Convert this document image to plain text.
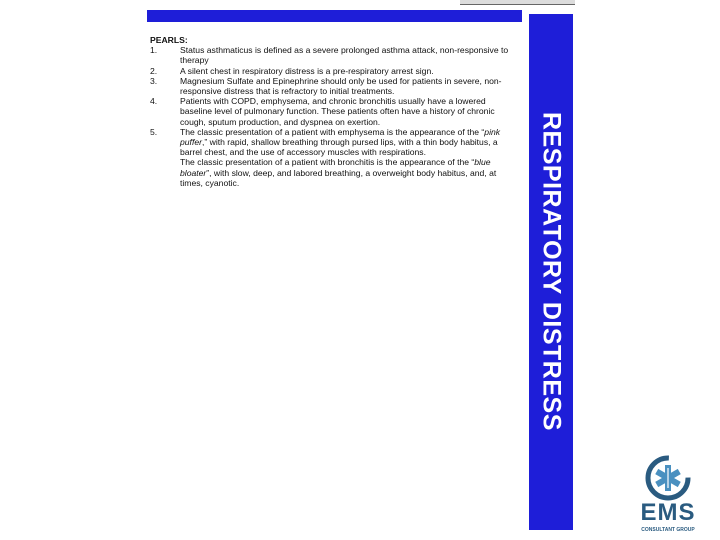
RESPIRATORY DISTRESS
PEARLS:
1.	Status asthmaticus is defined as a severe prolonged asthma attack, non-responsive to therapy
2.	A silent chest in respiratory distress is a pre-respiratory arrest sign.
3.	Magnesium Sulfate and Epinephrine should only be used for patients in severe, non-responsive distress that is refractory to initial treatments.
4.	Patients with COPD, emphysema, and chronic bronchitis usually have a lowered baseline level of pulmonary function. These patients often have a history of chronic cough, sputum production, and dyspnea on exertion.
5.	The classic presentation of a patient with emphysema is the appearance of the “pink puffer,” with rapid, shallow breathing through pursed lips, with a thin body habitus, a barrel chest, and the use of accessory muscles with respirations.
The classic presentation of a patient with bronchitis is the appearance of the “blue bloater”, with slow, deep, and labored breathing, a overweight body habitus, and, at times, cyanotic.
EMS
CONSULTANT GROUP
